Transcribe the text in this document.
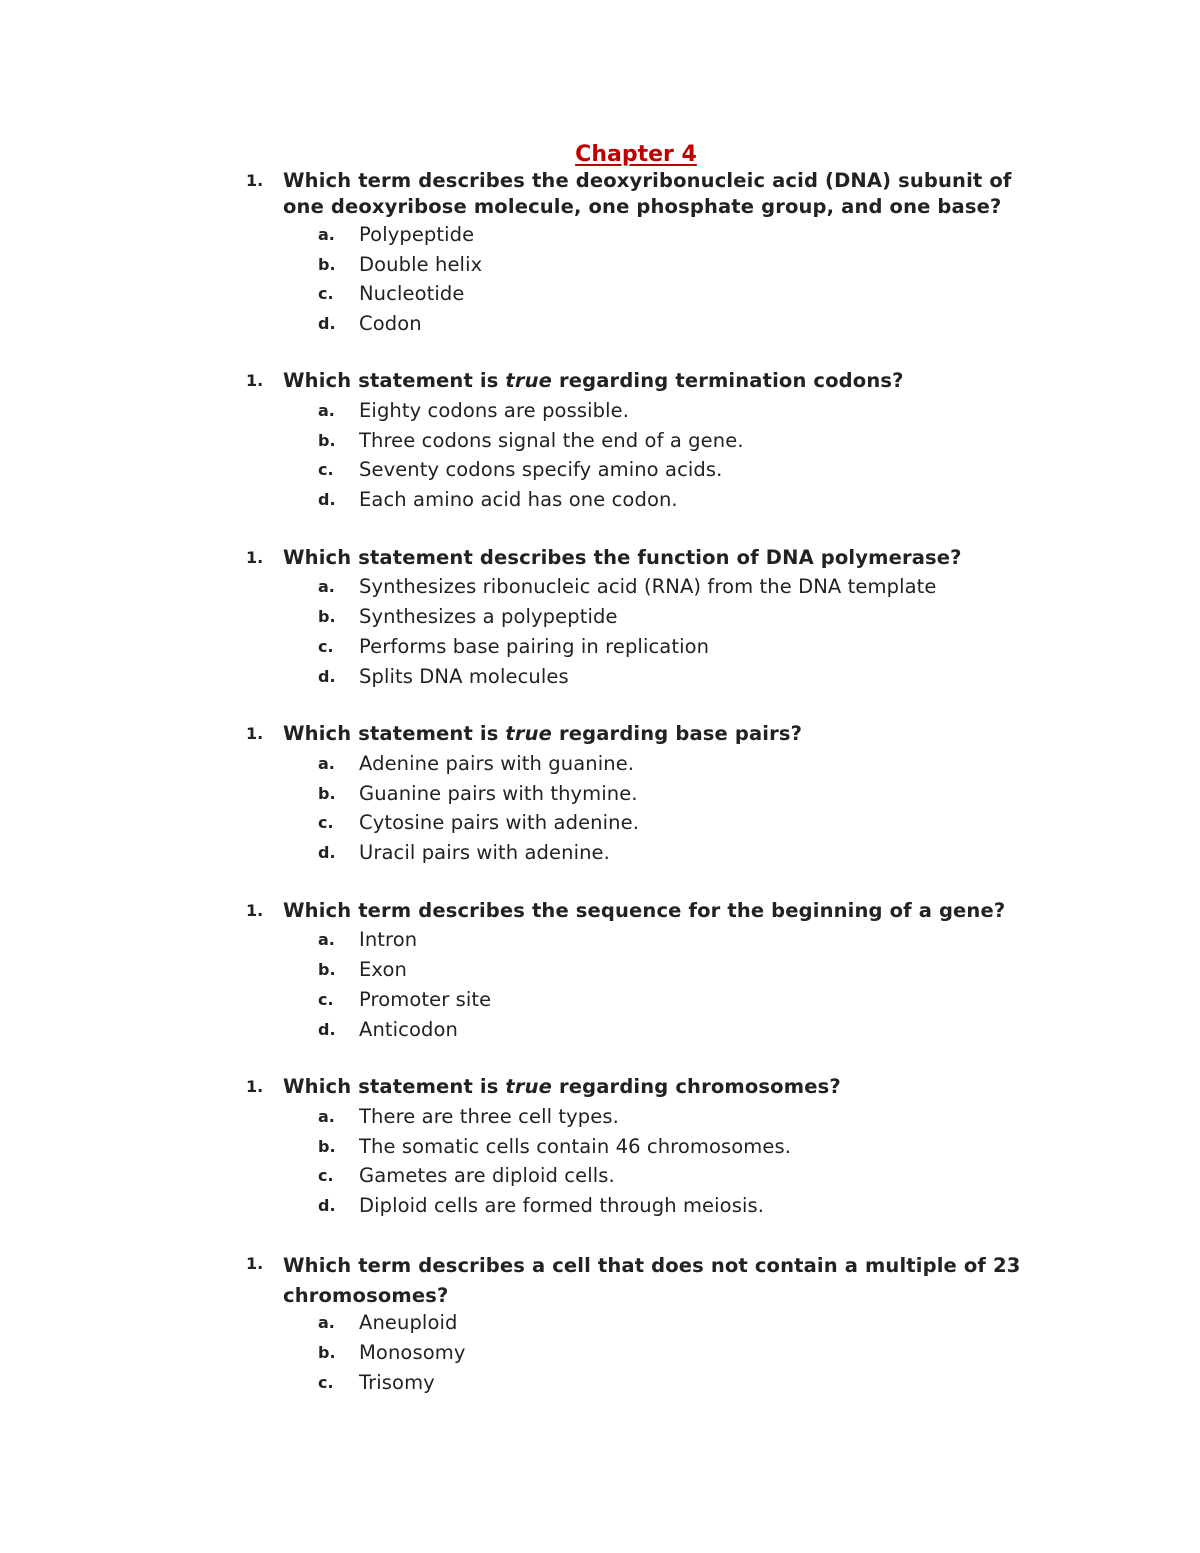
Chapter 4
1. Which term describes the deoxyribonucleic acid (DNA) subunit of
one deoxyribose molecule, one phosphate group, and one base?
a. Polypeptide
b. Double helix
c. Nucleotide
d. Codon
1. Which statement is true regarding termination codons?
a. Eighty codons are possible.
b. Three codons signal the end of a gene.
c. Seventy codons specify amino acids.
d. Each amino acid has one codon.
1. Which statement describes the function of DNA polymerase?
a. Synthesizes ribonucleic acid (RNA) from the DNA template
b. Synthesizes a polypeptide
c. Performs base pairing in replication
d. Splits DNA molecules
1. Which statement is true regarding base pairs?
a. Adenine pairs with guanine.
b. Guanine pairs with thymine.
c. Cytosine pairs with adenine.
d. Uracil pairs with adenine.
1. Which term describes the sequence for the beginning of a gene?
a. Intron
b. Exon
c. Promoter site
d. Anticodon
1. Which statement is true regarding chromosomes?
a. There are three cell types.
b. The somatic cells contain 46 chromosomes.
c. Gametes are diploid cells.
d. Diploid cells are formed through meiosis.
1. Which term describes a cell that does not contain a multiple of 23
chromosomes?
a. Aneuploid
b. Monosomy
c. Trisomy
